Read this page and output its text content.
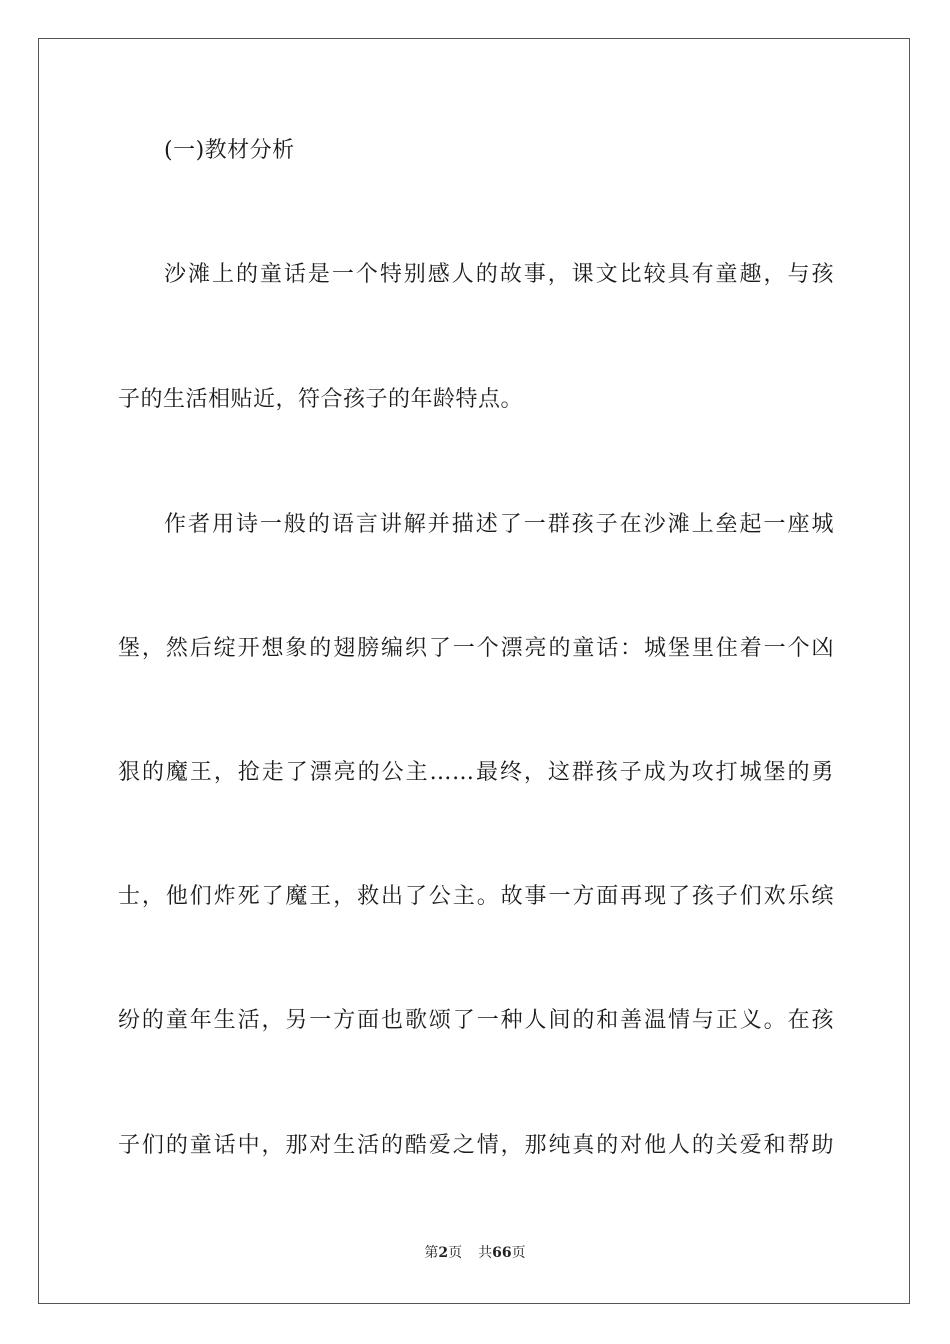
(一)教材分析
沙滩上的童话是一个特别感人的故事，课文比较具有童趣，与孩
子的生活相贴近，符合孩子的年龄特点。
作者用诗一般的语言讲解并描述了一群孩子在沙滩上垒起一座城
堡，然后绽开想象的翅膀编织了一个漂亮的童话：城堡里住着一个凶
狠的魔王，抢走了漂亮的公主……最终，这群孩子成为攻打城堡的勇
士，他们炸死了魔王，救出了公主。故事一方面再现了孩子们欢乐缤
纷的童年生活，另一方面也歌颂了一种人间的和善温情与正义。在孩
子们的童话中，那对生活的酷爱之情，那纯真的对他人的关爱和帮助
第2页 共66页
